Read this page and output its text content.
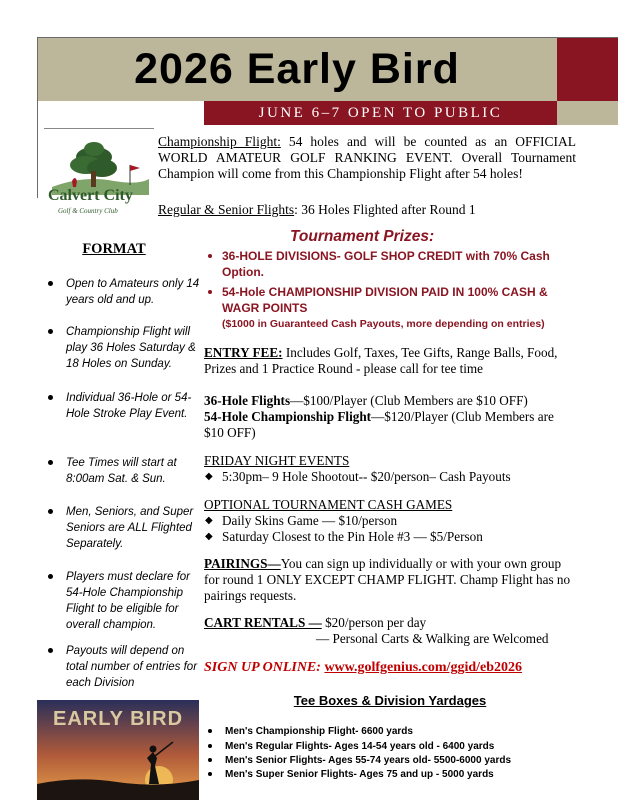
2026 Early Bird
JUNE 6–7 OPEN TO PUBLIC
Calvert City
Golf & Country Club
Championship Flight: 54 holes and will be counted as an OFFICIAL WORLD AMATEUR GOLF RANKING EVENT. Overall Tournament Champion will come from this Championship Flight after 54 holes!
Regular & Senior Flights: 36 Holes Flighted after Round 1
FORMAT
Open to Amateurs only 14 years old and up.
Championship Flight will play 36 Holes Saturday & 18 Holes on Sunday.
Individual 36-Hole or 54-Hole Stroke Play Event.
Tee Times will start at 8:00am Sat. & Sun.
Men, Seniors, and Super Seniors are ALL Flighted Separately.
Players must declare for 54-Hole Championship Flight to be eligible for overall champion.
Payouts will depend on total number of entries for each Division
Tournament Prizes:
36-HOLE DIVISIONS- GOLF SHOP CREDIT with 70% Cash Option.
54-Hole CHAMPIONSHIP DIVISION PAID IN 100% CASH & WAGR POINTS
($1000 in Guaranteed Cash Payouts, more depending on entries)
ENTRY FEE: Includes Golf, Taxes, Tee Gifts, Range Balls, Food, Prizes and 1 Practice Round - please call for tee time
36-Hole Flights—$100/Player (Club Members are $10 OFF)
54-Hole Championship Flight—$120/Player (Club Members are $10 OFF)
FRIDAY NIGHT EVENTS
◆ 5:30pm– 9 Hole Shootout-- $20/person– Cash Payouts
OPTIONAL TOURNAMENT CASH GAMES
◆ Daily Skins Game — $10/person
◆ Saturday Closest to the Pin Hole #3 — $5/Person
PAIRINGS—You can sign up individually or with your own group for round 1 ONLY EXCEPT CHAMP FLIGHT. Champ Flight has no pairings requests.
CART RENTALS — $20/person per day
— Personal Carts & Walking are Welcomed
SIGN UP ONLINE: www.golfgenius.com/ggid/eb2026
Tee Boxes & Division Yardages
Men's Championship Flight- 6600 yards
Men's Regular Flights- Ages 14-54 years old - 6400 yards
Men's Senior Flights- Ages 55-74 years old- 5500-6000 yards
Men's Super Senior Flights- Ages 75 and up - 5000 yards
EARLY BIRD
